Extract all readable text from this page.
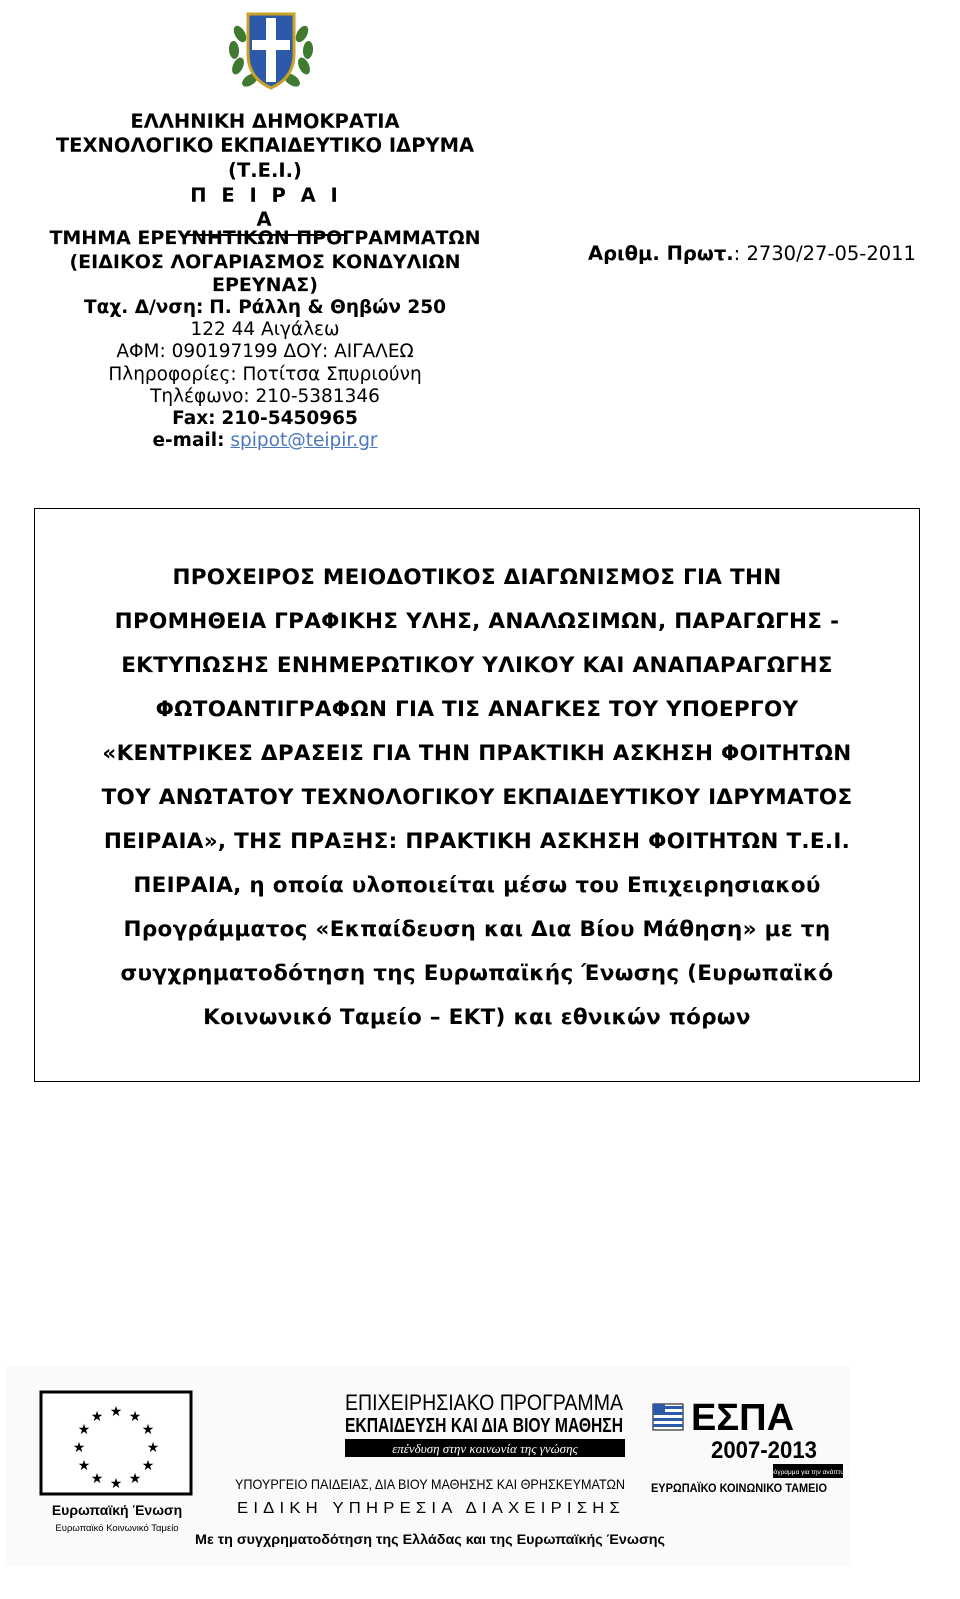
ΕΛΛΗΝΙΚΗ ΔΗΜΟΚΡΑΤΙΑ
ΤΕΧΝΟΛΟΓΙΚΟ ΕΚΠΑΙΔΕΥΤΙΚΟ ΙΔΡΥΜΑ
(Τ.Ε.Ι.)
Π Ε Ι Ρ Α Ι Α
ΤΜΗΜΑ ΕΡΕΥΝΗΤΙΚΩΝ ΠΡΟΓΡΑΜΜΑΤΩΝ
(ΕΙΔΙΚΟΣ ΛΟΓΑΡΙΑΣΜΟΣ ΚΟΝΔΥΛΙΩΝ
ΕΡΕΥΝΑΣ)
Ταχ. Δ/νση: Π. Ράλλη & Θηβών 250
122 44 Αιγάλεω
ΑΦΜ: 090197199 ΔΟΥ: ΑΙΓΑΛΕΩ
Πληροφορίες: Ποτίτσα Σπυριούνη
Τηλέφωνο: 210-5381346
Fax: 210-5450965
e-mail: spipot@teipir.gr
Αριθμ. Πρωτ.: 2730/27-05-2011
ΠΡΟΧΕΙΡΟΣ ΜΕΙΟΔΟΤΙΚΟΣ ΔΙΑΓΩΝΙΣΜΟΣ ΓΙΑ ΤΗΝ
ΠΡΟΜΗΘΕΙΑ ΓΡΑΦΙΚΗΣ ΥΛΗΣ, ΑΝΑΛΩΣΙΜΩΝ, ΠΑΡΑΓΩΓΗΣ -
ΕΚΤΥΠΩΣΗΣ ΕΝΗΜΕΡΩΤΙΚΟΥ ΥΛΙΚΟΥ ΚΑΙ ΑΝΑΠΑΡΑΓΩΓΗΣ
ΦΩΤΟΑΝΤΙΓΡΑΦΩΝ ΓΙΑ ΤΙΣ ΑΝΑΓΚΕΣ ΤΟΥ ΥΠΟΕΡΓΟΥ
«ΚΕΝΤΡΙΚΕΣ ΔΡΑΣΕΙΣ ΓΙΑ ΤΗΝ ΠΡΑΚΤΙΚΗ ΑΣΚΗΣΗ ΦΟΙΤΗΤΩΝ
ΤΟΥ ΑΝΩΤΑΤΟΥ ΤΕΧΝΟΛΟΓΙΚΟΥ ΕΚΠΑΙΔΕΥΤΙΚΟΥ ΙΔΡΥΜΑΤΟΣ
ΠΕΙΡΑΙΑ», ΤΗΣ ΠΡΑΞΗΣ: ΠΡΑΚΤΙΚΗ ΑΣΚΗΣΗ ΦΟΙΤΗΤΩΝ Τ.Ε.Ι.
ΠΕΙΡΑΙΑ, η οποία υλοποιείται μέσω του Επιχειρησιακού
Προγράμματος «Εκπαίδευση και Δια Βίου Μάθηση» με τη
συγχρηματοδότηση της Ευρωπαϊκής Ένωσης (Ευρωπαϊκό
Κοινωνικό Ταμείο – ΕΚΤ) και εθνικών πόρων
★ ★
★
★
★
★
★
★
★
★
★
★
Ευρωπαϊκή Ένωση
Ευρωπαϊκό Κοινωνικό Ταμείο
ΕΠΙΧΕΙΡΗΣΙΑΚΟ ΠΡΟΓΡΑΜΜΑ
ΕΚΠΑΙΔΕΥΣΗ ΚΑΙ ΔΙΑ ΒΙΟΥ ΜΑΘΗΣΗ
επένδυση στην κοινωνία της γνώσης
ΥΠΟΥΡΓΕΙΟ ΠΑΙΔΕΙΑΣ, ΔΙΑ ΒΙΟΥ ΜΑΘΗΣΗΣ ΚΑΙ ΘΡΗΣΚΕΥΜΑΤΩΝ
ΕΙΔΙΚΗ ΥΠΗΡΕΣΙΑ ΔΙΑΧΕΙΡΙΣΗΣ
Με τη συγχρηματοδότηση της Ελλάδας και της Ευρωπαϊκής Ένωσης
ΕΣΠΑ
2007-2013
πρόγραμμα για την ανάπτυξη
ΕΥΡΩΠΑΪΚΟ ΚΟΙΝΩΝΙΚΟ ΤΑΜΕΙΟ
